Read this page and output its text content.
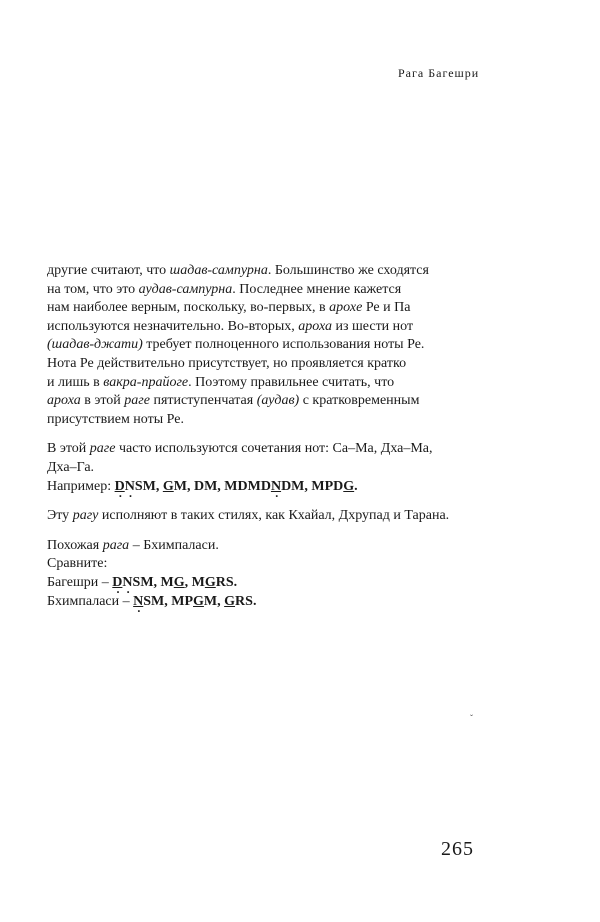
Рага Багешри

другие считают, что шадав-сампурна. Большинство же сходятся
на том, что это аудав-сампурна. Последнее мнение кажется
нам наиболее верным, поскольку, во-первых, в арохе Ре и Па
используются незначительно. Во-вторых, ароха из шести нот
(шадав-джати) требует полноценного использования ноты Ре.
Нота Ре действительно присутствует, но проявляется кратко
и лишь в вакра-прайоге. Поэтому правильнее считать, что
ароха в этой раге пятиступенчатая (аудав) с кратковременным
присутствием ноты Ре.

В этой раге часто используются сочетания нот: Са–Ма, Дха–Ма,
Дха–Га.
Например: D .N .SM, GM, DM, MDMDN .DM, MPDG.

Эту рагу исполняют в таких стилях, как Кхайал, Дхрупад и Тарана.

Похожая рага – Бхимпаласи.
Сравните:
Багешри – D .N .SM, MG, MGRS.
Бхимпаласи – N .SM, MPGM, GRS.

ˇ
265
